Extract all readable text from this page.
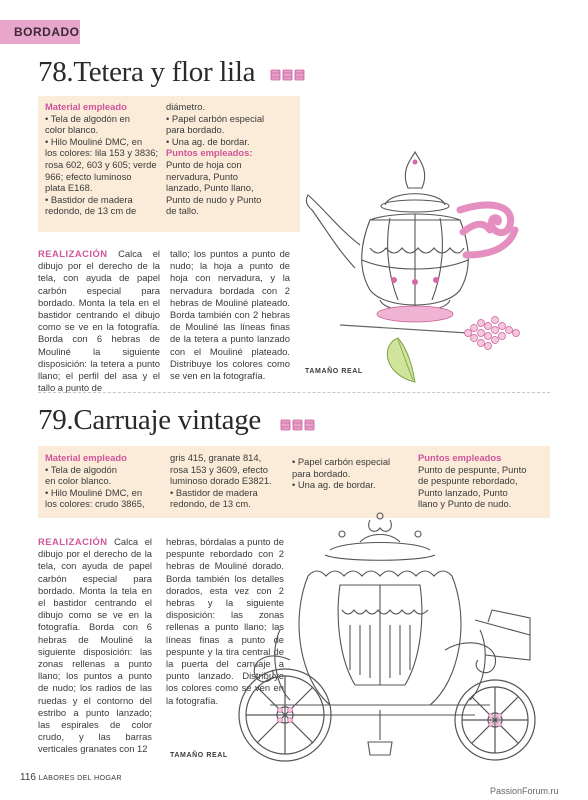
BORDADO
78.Tetera y flor lila
Material empleado
• Tela de algodón en
color blanco.
• Hilo Mouliné DMC, en
los colores: lila 153 y 3836;
rosa 602, 603 y 605; verde
966; efecto luminoso
plata E168.
• Bastidor de madera
redondo, de 13 cm de
diámetro.
• Papel carbón especial
para bordado.
• Una ag. de bordar.
Puntos empleados:
Punto de hoja con
nervadura, Punto
lanzado, Punto llano,
Punto de nudo y Punto
de tallo.
REALIZACIÓN Calca el dibujo por el derecho de la tela, con ayuda de papel carbón especial para bordado. Monta la tela en el bastidor centrando el dibujo como se ve en la fotografía. Borda con 6 hebras de Mouliné la siguiente disposición: la tetera a punto llano; el perfil del asa y el tallo a punto de
tallo; los puntos a punto de nudo; la hoja a punto de hoja con nervadura, y la nervadura bordada con 2 hebras de Mouliné plateado. Borda también con 2 hebras de Mouliné las líneas finas de la tetera a punto lanzado con el Mouliné plateado. Distribuye los colores como se ven en la fotografía.	TAMAÑO REAL
79.Carruaje vintage
Material empleado
• Tela de algodón
en color blanco.
• Hilo Mouliné DMC, en
los colores: crudo 3865,
gris 415, granate 814,
rosa 153 y 3609, efecto
luminoso dorado E3821.
• Bastidor de madera
redondo, de 13 cm.
• Papel carbón especial
para bordado.
• Una ag. de bordar.
Puntos empleados
Punto de pespunte, Punto
de pespunte rebordado,
Punto lanzado, Punto
llano y Punto de nudo.
REALIZACIÓN Calca el dibujo por el derecho de la tela, con ayuda de papel carbón especial para bordado. Monta la tela en el bastidor centrando el dibujo como se ve en la fotografía. Borda con 6 hebras de Mouliné la siguiente disposición: las zonas rellenas a punto llano; los puntos a punto de nudo; los radios de las ruedas y el contorno del estribo a punto lanzado; las espirales de color crudo, y las barras verticales granates con 12
hebras, bórdalas a punto de pespunte rebordado con 2 hebras de Mouliné dorado. Borda también los detalles dorados, esta vez con 2 hebras y la siguiente disposición: las zonas rellenas a punto llano; las líneas finas a punto de pespunte y la tira central de la puerta del carruaje a punto lanzado. Distribuye los colores como se ven en la fotografía.
TAMAÑO REAL
116 LABORES DEL HOGAR
PassionForum.ru
